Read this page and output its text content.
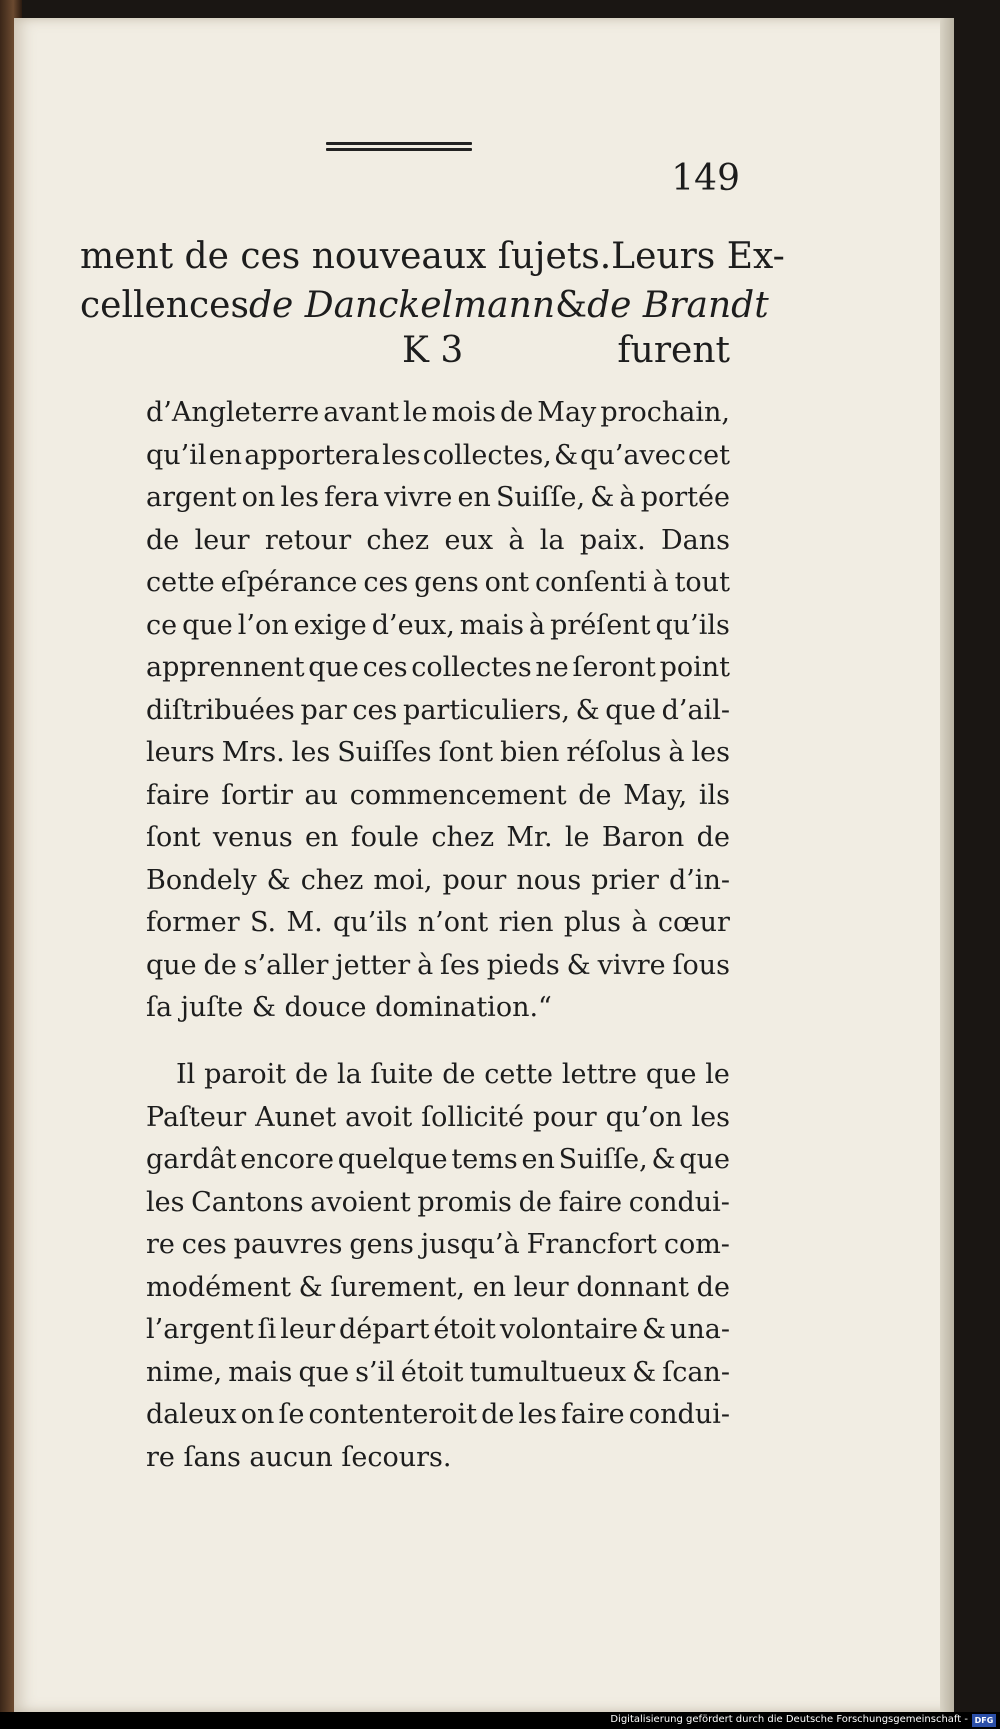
149
ment de ces nouveaux ſujets. Leurs Ex-
cellences de Danckelmann & de Brandt
K 3	furent
d’Angleterre avant le mois de May prochain,
qu’il en apportera les collectes, & qu’avec cet
argent on les fera vivre en Suiſſe, & à portée
de leur retour chez eux à la paix. Dans
cette eſpérance ces gens ont conſenti à tout
ce que l’on exige d’eux, mais à préſent qu’ils
apprennent que ces collectes ne ſeront point
diſtribuées par ces particuliers, & que d’ail-
leurs Mrs. les Suiſſes ſont bien réſolus à les
faire ſortir au commencement de May, ils
ſont venus en foule chez Mr. le Baron de
Bondely & chez moi, pour nous prier d’in-
former S. M. qu’ils n’ont rien plus à cœur
que de s’aller jetter à ſes pieds & vivre ſous
ſa juſte & douce domination.“
Il paroit de la ſuite de cette lettre que le
Paſteur Aunet avoit ſollicité pour qu’on les
gardât encore quelque tems en Suiſſe, & que
les Cantons avoient promis de faire condui-
re ces pauvres gens jusqu’à Francfort com-
modément & ſurement, en leur donnant de
l’argent ſi leur départ étoit volontaire & una-
nime, mais que s’il étoit tumultueux & ſcan-
daleux on ſe contenteroit de les faire condui-
re ſans aucun ſecours.
Digitalisierung gefördert durch die Deutsche Forschungsgemeinschaft - DFG
